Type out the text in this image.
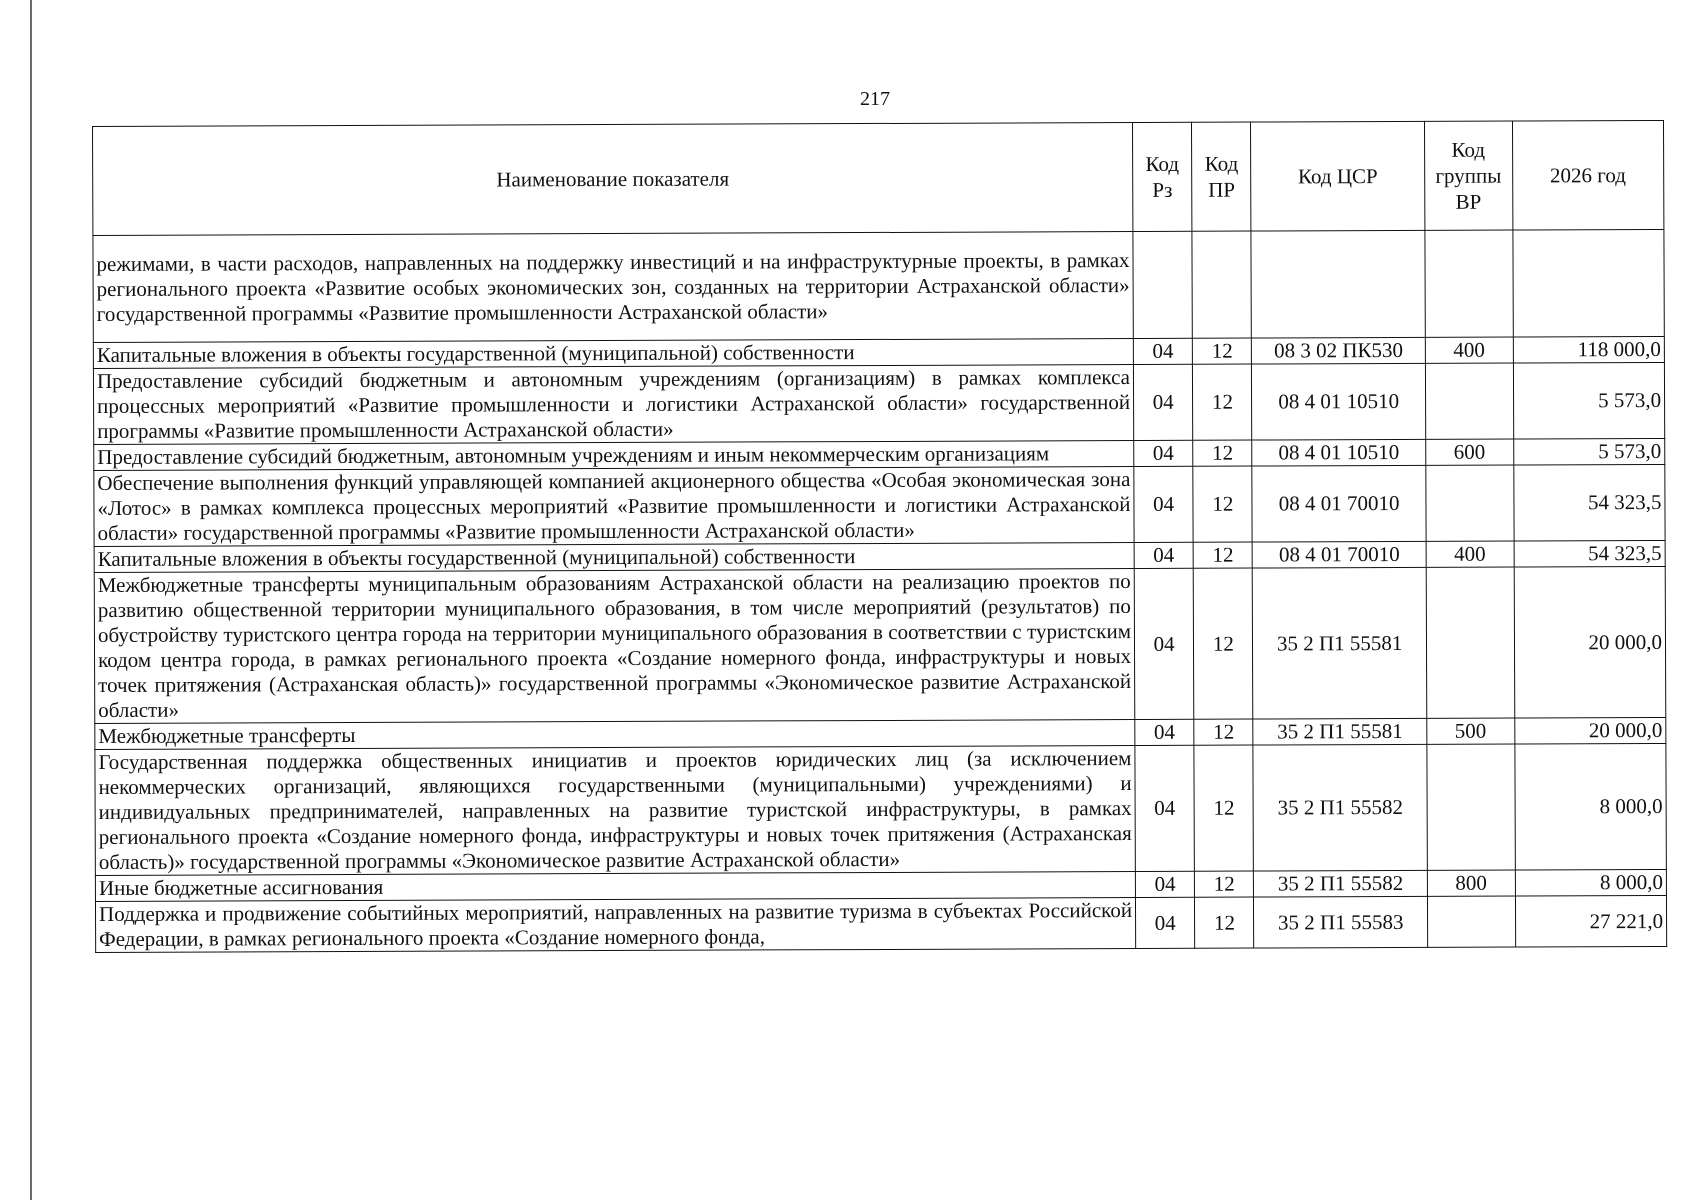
217
Наименование показателя	Код Рз	Код ПР	Код ЦСР	Код группы ВР	2026 год
режимами, в части расходов, направленных на поддержку инвестиций и на инфраструктурные проекты, в рамках регионального проекта «Развитие особых экономических зон, созданных на территории Астраханской области» государственной программы «Развитие промышленности Астраханской области»					
Капитальные вложения в объекты государственной (муниципальной) собственности	04	12	08 3 02 ПК530	400	118 000,0
Предоставление субсидий бюджетным и автономным учреждениям (организациям) в рамках комплекса процессных мероприятий «Развитие промышленности и логистики Астраханской области» государственной программы «Развитие промышленности Астраханской области»	04	12	08 4 01 10510		5 573,0
Предоставление субсидий бюджетным, автономным учреждениям и иным некоммерческим организациям	04	12	08 4 01 10510	600	5 573,0
Обеспечение выполнения функций управляющей компанией акционерного общества «Особая экономическая зона «Лотос» в рамках комплекса процессных мероприятий «Развитие промышленности и логистики Астраханской области» государственной программы «Развитие промышленности Астраханской области»	04	12	08 4 01 70010		54 323,5
Капитальные вложения в объекты государственной (муниципальной) собственности	04	12	08 4 01 70010	400	54 323,5
Межбюджетные трансферты муниципальным образованиям Астраханской области на реализацию проектов по развитию общественной территории муниципального образования, в том числе мероприятий (результатов) по обустройству туристского центра города на территории муниципального образования в соответствии с туристским кодом центра города, в рамках регионального проекта «Создание номерного фонда, инфраструктуры и новых точек притяжения (Астраханская область)» государственной программы «Экономическое развитие Астраханской области»	04	12	35 2 П1 55581		20 000,0
Межбюджетные трансферты	04	12	35 2 П1 55581	500	20 000,0
Государственная поддержка общественных инициатив и проектов юридических лиц (за исключением некоммерческих организаций, являющихся государственными (муниципальными) учреждениями) и индивидуальных предпринимателей, направленных на развитие туристской инфраструктуры, в рамках регионального проекта «Создание номерного фонда, инфраструктуры и новых точек притяжения (Астраханская область)» государственной программы «Экономическое развитие Астраханской области»	04	12	35 2 П1 55582		8 000,0
Иные бюджетные ассигнования	04	12	35 2 П1 55582	800	8 000,0
Поддержка и продвижение событийных мероприятий, направленных на развитие туризма в субъектах Российской Федерации, в рамках регионального проекта «Создание номерного фонда,	04	12	35 2 П1 55583		27 221,0
